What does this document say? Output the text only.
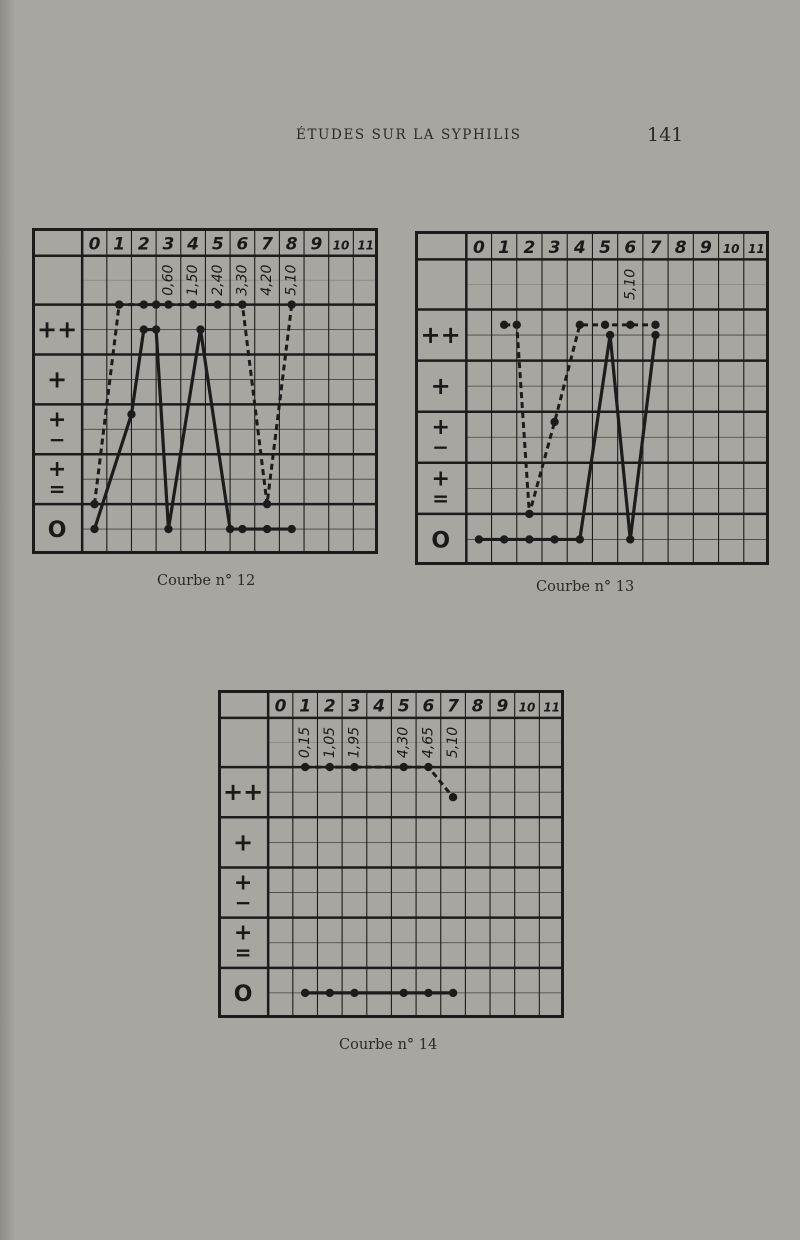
ÉTUDES SUR LA SYPHILIS	141
0 1 2 3 4 5 6 7 8 9 10 11
0,60 1,50 2,40 3,30 4,20 5,10
++
+
+
−
+
=
O
Courbe n° 12
0 1 2 3 4 5 6 7 8 9 10 11
5,10
++
+
+
−
+
=
O
Courbe n° 13
0 1 2 3 4 5 6 7 8 9 10 11
0,15 1,05 1,95 4,30 4,65 5,10
++
+
+
−
+
=
O
Courbe n° 14
